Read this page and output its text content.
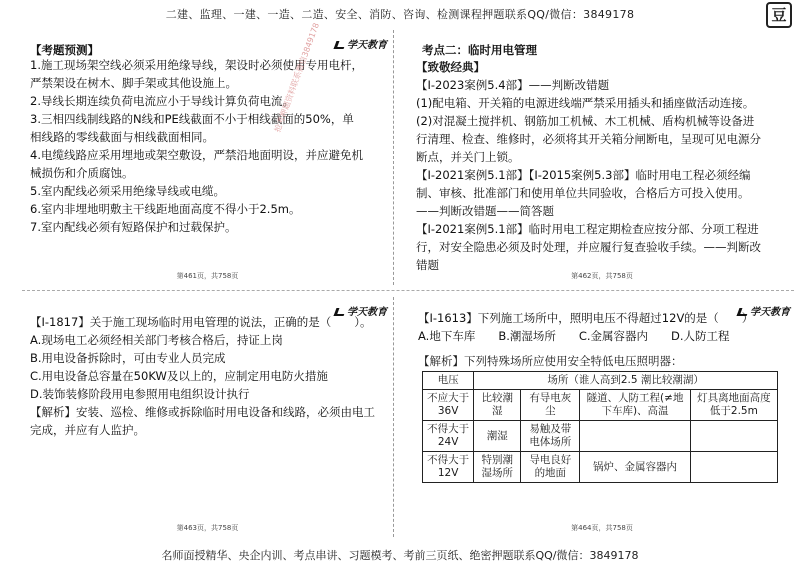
二建、监理、一建、一造、二造、安全、消防、咨询、检测课程押题联系QQ/微信：3849178	豆
学天教育
【考题预测】
1.施工现场架空线必须采用绝缘导线，架设时必须使用专用电杆，严禁架设在树木、脚手架或其他设施上。
2.导线长期连续负荷电流应小于导线计算负荷电流。
3.三相四线制线路的N线和PE线截面不小于相线截面的50%，单相线路的零线截面与相线截面相同。
4.电缆线路应采用埋地或架空敷设，严禁沿地面明设，并应避免机械损伤和介质腐蚀。
5.室内配线必须采用绝缘导线或电缆。
6.室内非埋地明敷主干线距地面高度不得小于2.5m。
7.室内配线必须有短路保护和过载保护。
第461页，共758页
抢考押题资料联系微信3849178	考点二：临时用电管理
【致敬经典】
【Ⅰ-2023案例5.4部】——判断改错题
(1)配电箱、开关箱的电源进线端严禁采用插头和插座做活动连接。
(2)对混凝土搅拌机、钢筋加工机械、木工机械、盾构机械等设备进行清理、检查、维修时，必须将其开关箱分闸断电，呈现可见电源分断点，并关门上锁。
【Ⅰ-2021案例5.1部】【Ⅰ-2015案例5.3部】临时用电工程必须经编制、审核、批准部门和使用单位共同验收，合格后方可投入使用。——判断改错题——简答题
【Ⅰ-2021案例5.1部】临时用电工程定期检查应按分部、分项工程进行，对安全隐患必须及时处理，并应履行复查验收手续。——判断改错题
第462页，共758页
学天教育
【Ⅰ-1817】关于施工现场临时用电管理的说法，正确的是（　　）。
A.现场电工必须经相关部门考核合格后，持证上岗
B.用电设备拆除时，可由专业人员完成
C.用电设备总容量在50KW及以上的，应制定用电防火措施
D.装饰装修阶段用电参照用电组织设计执行
【解析】安装、巡检、维修或拆除临时用电设备和线路，必须由电工完成，并应有人监护。
第463页，共758页
学天教育
【Ⅰ-1613】下列施工场所中，照明电压不得超过12V的是（　　）
A.地下车库　　B.潮湿场所　　C.金属容器内　　D.人防工程
【解析】下列特殊场所应使用安全特低电压照明器：
电压	场所（谁人高到2.5 潮比较潮湖）			
不应大于36V	比较潮湿	有导电灰尘	隧道、人防工程(≠地下车库)、高温	灯具离地面高度低于2.5m
不得大于24V	潮湿	易触及带电体场所		
不得大于12V	特别潮湿场所	导电良好的地面	锅炉、金属容器内	
第464页，共758页
名师面授精华、央企内训、考点串讲、习题模考、考前三页纸、绝密押题联系QQ/微信：3849178
